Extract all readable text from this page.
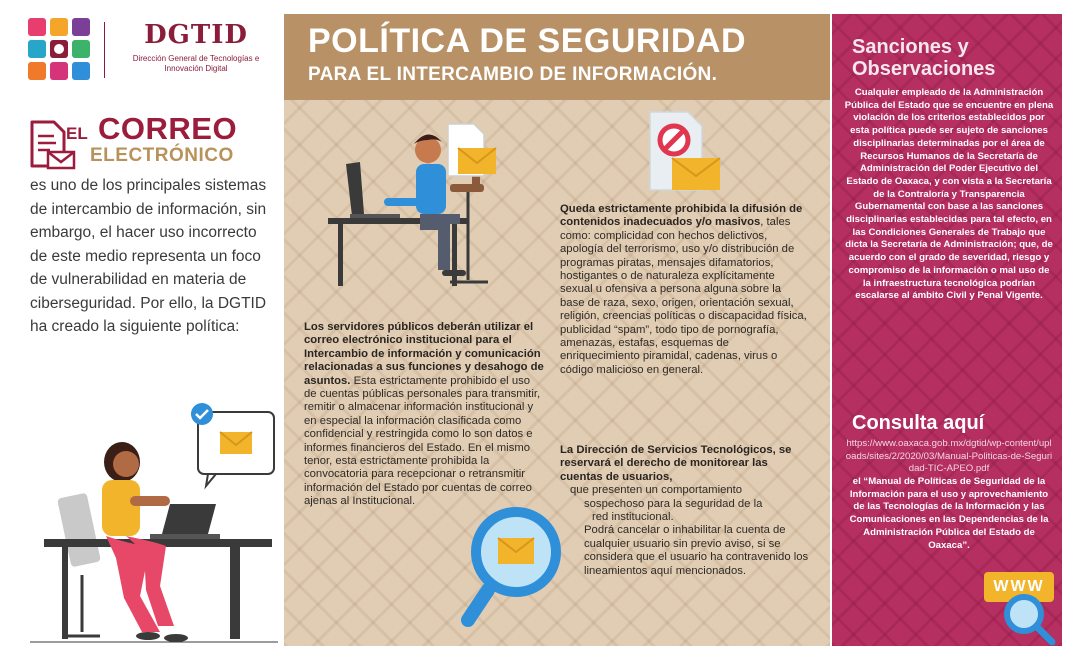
DGTID
Dirección General de Tecnologías e Innovación Digital
EL CORREO
ELECTRÓNICO
es uno de los principales sistemas de intercambio de información, sin embargo, el hacer uso incorrecto de este medio representa un foco de vulnerabilidad en materia de ciberseguridad. Por ello, la DGTID ha creado la siguiente política:
POLÍTICA DE SEGURIDAD
PARA EL INTERCAMBIO DE INFORMACIÓN.
Los servidores públicos deberán utilizar el correo electrónico institucional para el Intercambio de información y comunicación relacionadas a sus funciones y desahogo de asuntos. Esta estrictamente prohibido el uso de cuentas públicas personales para transmitir, remitir o almacenar información institucional y en especial la información clasificada como confidencial y restringida como lo son datos e informes financieros del Estado. En el mismo tenor, esta estrictamente prohibida la convocatoria para recepcionar o retransmitir información del Estado por cuentas de correo ajenas al Institucional.
Queda estrictamente prohibida la difusión de contenidos inadecuados y/o masivos, tales como: complicidad con hechos delictivos, apología del terrorismo, uso y/o distribución de programas piratas, mensajes difamatorios, hostigantes o de naturaleza explícitamente sexual u ofensiva a persona alguna sobre la base de raza, sexo, origen, orientación sexual, religión, creencias políticas o discapacidad física, publicidad “spam”, todo tipo de pornografía, amenazas, estafas, esquemas de enriquecimiento piramidal, cadenas, virus o código malicioso en general.
La Dirección de Servicios Tecnológicos, se reservará el derecho de monitorear las cuentas de usuarios,
que presenten un comportamiento
sospechoso para la seguridad de la
red institucional.
Podrá cancelar o inhabilitar la cuenta de cualquier usuario sin previo aviso, si se considera que el usuario ha contravenido los lineamientos aquí mencionados.
Sanciones y Observaciones
Cualquier empleado de la Administración Pública del Estado que se encuentre en plena violación de los criterios establecidos por esta política puede ser sujeto de sanciones disciplinarias determinadas por el área de Recursos Humanos de la Secretaría de Administración del Poder Ejecutivo del Estado de Oaxaca, y con vista a la Secretaría de la Contraloría y Transparencia Gubernamental con base a las sanciones disciplinarias establecidas para tal efecto, en las Condiciones Generales de Trabajo que dicta la Secretaría de Administración; que, de acuerdo con el grado de severidad, riesgo y compromiso de la información o mal uso de la infraestructura tecnológica podrían escalarse al ámbito Civil y Penal Vigente.
Consulta aquí
https://www.oaxaca.gob.mx/dgtid/wp-content/uploads/sites/2/2020/03/Manual-Politicas-de-Seguridad-TIC-APEO.pdf
el “Manual de Políticas de Seguridad de la Información para el uso y aprovechamiento de las Tecnologías de la Información y las Comunicaciones en las Dependencias de la Administración Pública del Estado de Oaxaca”.
WWW
